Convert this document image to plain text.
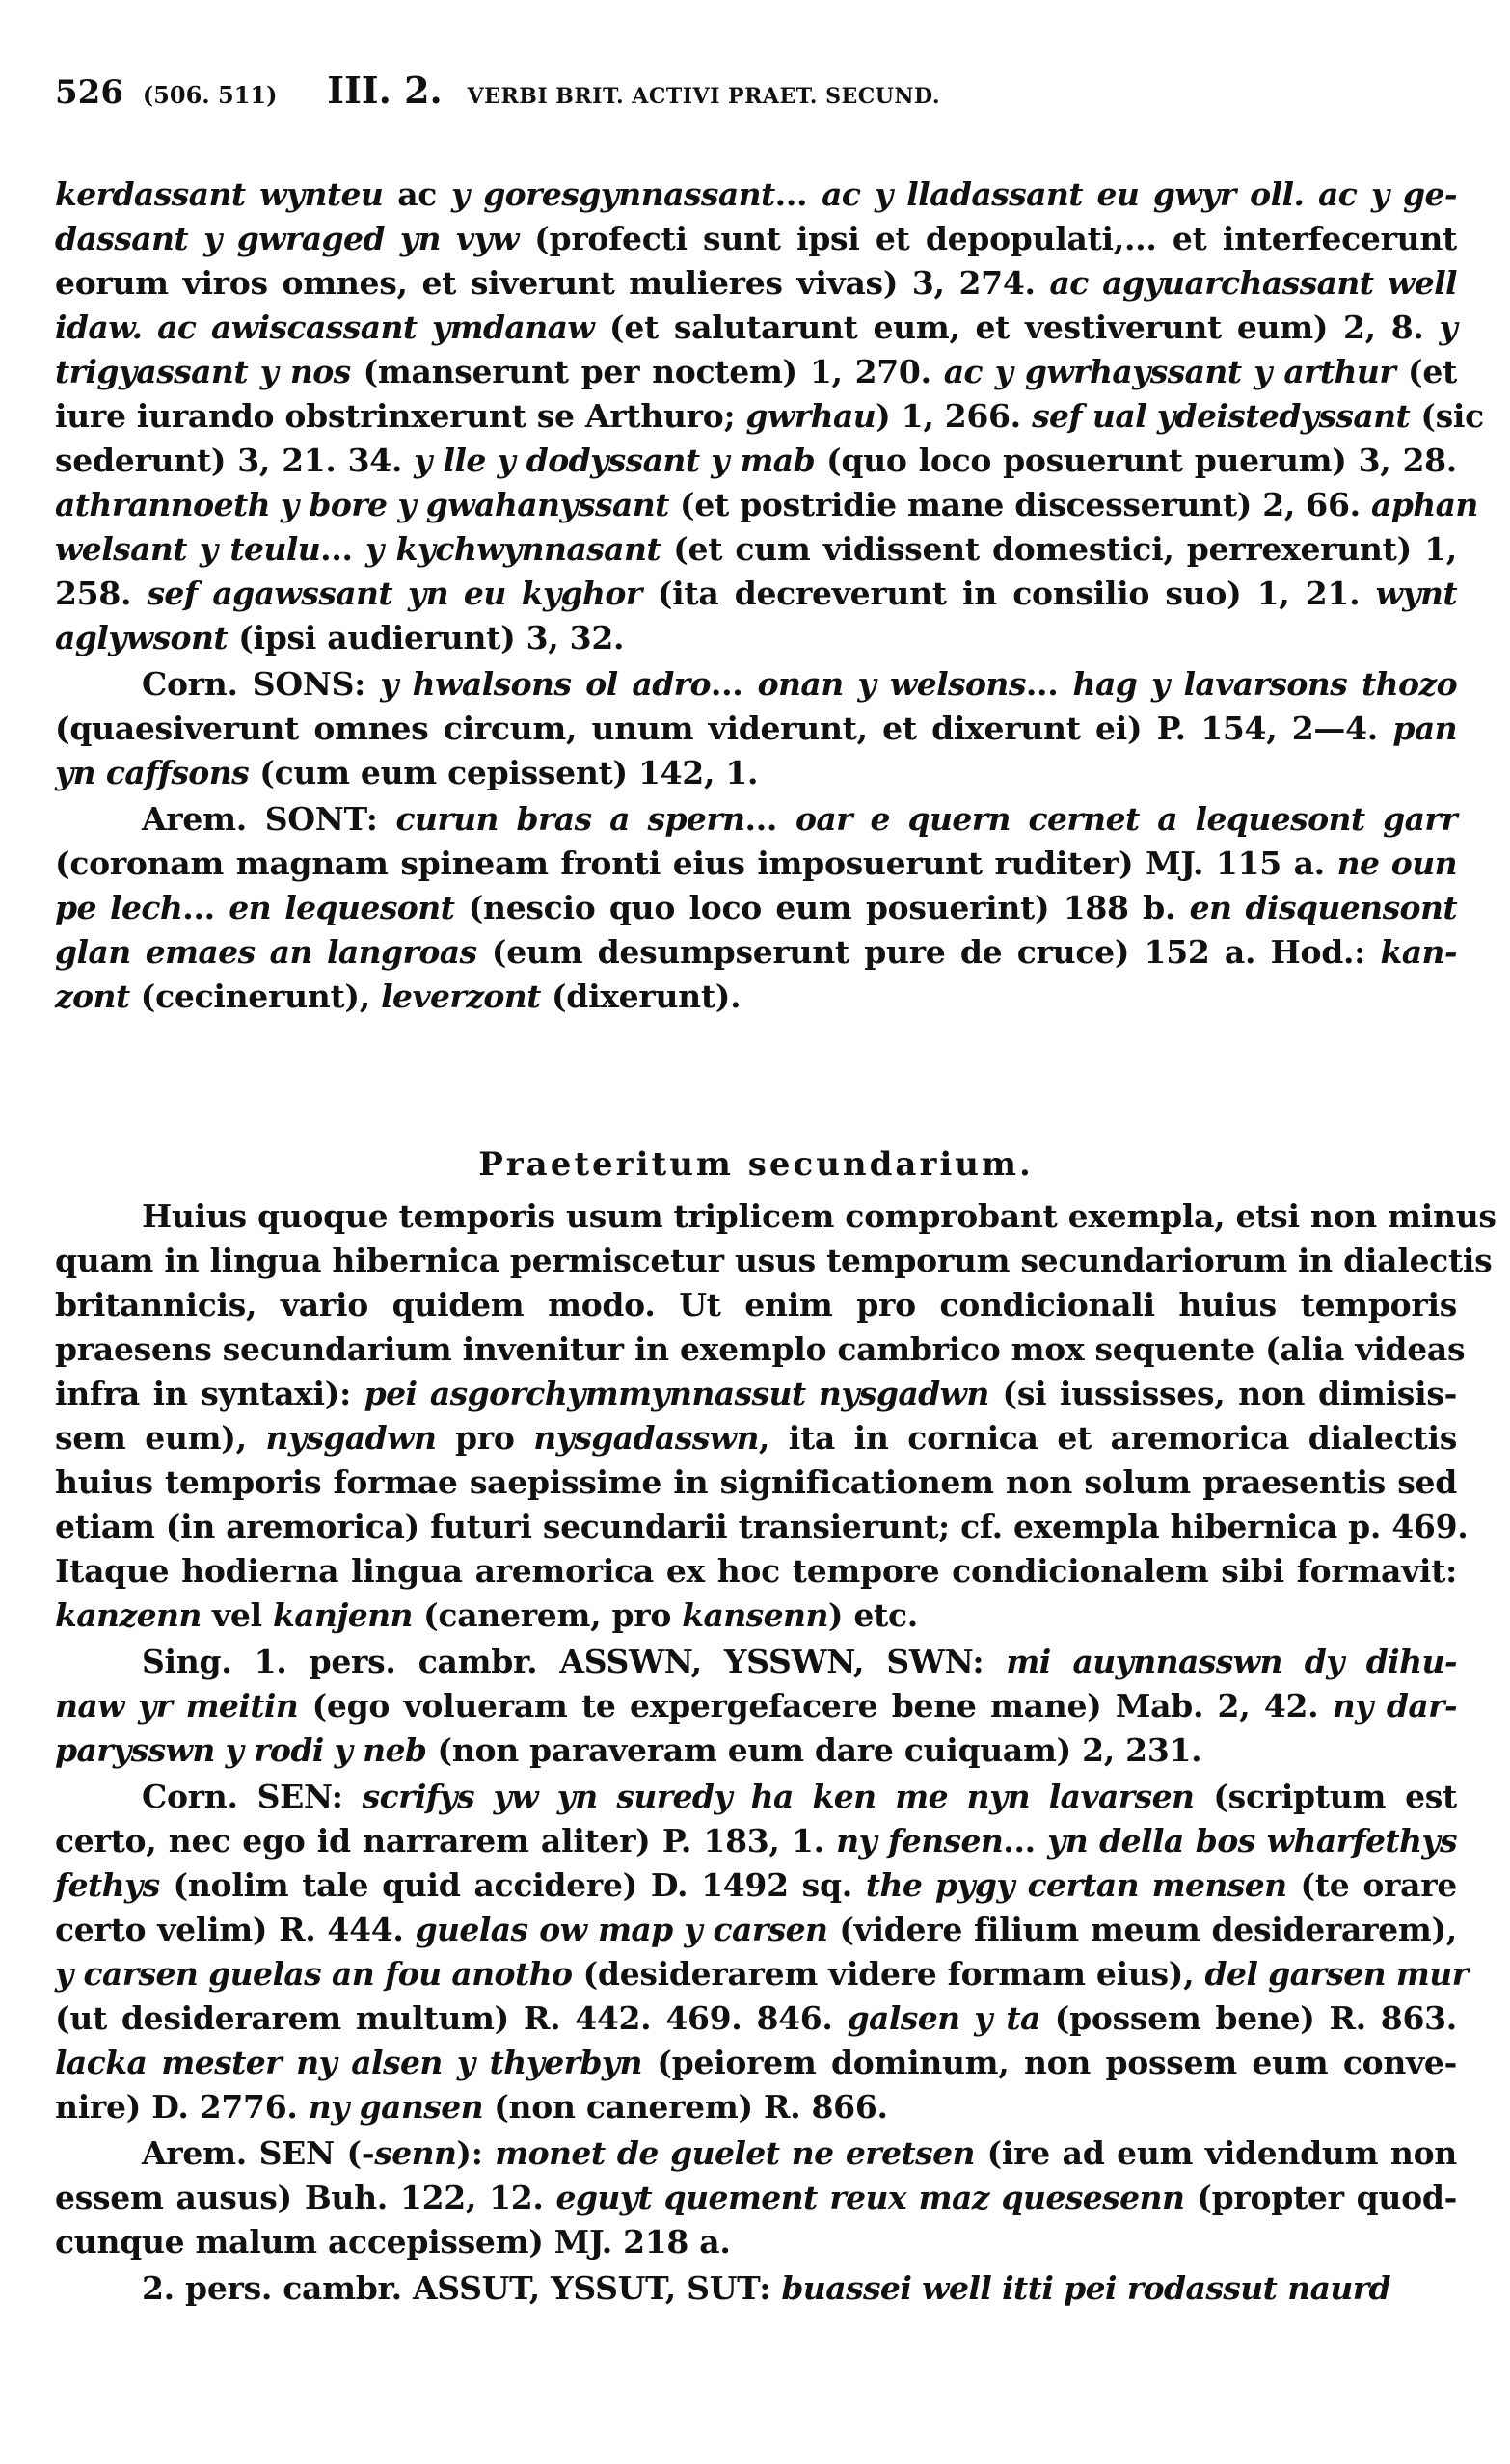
526 (506. 511) III. 2. VERBI BRIT. ACTIVI PRAET. SECUND.
Praeteritum secundarium.
kerdassant wynteu ac y goresgynnassant... ac y lladassant eu gwyr oll. ac y ge-
dassant y gwraged yn vyw (profecti sunt ipsi et depopulati,... et interfecerunt
eorum viros omnes, et siverunt mulieres vivas) 3, 274. ac agyuarchassant well
idaw. ac awiscassant ymdanaw (et salutarunt eum, et vestiverunt eum) 2, 8. y
trigyassant y nos (manserunt per noctem) 1, 270. ac y gwrhayssant y arthur (et
iure iurando obstrinxerunt se Arthuro; gwrhau) 1, 266. sef ual ydeistedyssant (sic
sederunt) 3, 21. 34. y lle y dodyssant y mab (quo loco posuerunt puerum) 3, 28.
athrannoeth y bore y gwahanyssant (et postridie mane discesserunt) 2, 66. aphan
welsant y teulu... y kychwynnasant (et cum vidissent domestici, perrexerunt) 1,
258. sef agawssant yn eu kyghor (ita decreverunt in consilio suo) 1, 21. wynt
aglywsont (ipsi audierunt) 3, 32.
Corn. SONS: y hwalsons ol adro... onan y welsons... hag y lavarsons thozo
(quaesiverunt omnes circum, unum viderunt, et dixerunt ei) P. 154, 2—4. pan
yn caffsons (cum eum cepissent) 142, 1.
Arem. SONT: curun bras a spern... oar e quern cernet a lequesont garr
(coronam magnam spineam fronti eius imposuerunt ruditer) MJ. 115 a. ne oun
pe lech... en lequesont (nescio quo loco eum posuerint) 188 b. en disquensont
glan emaes an langroas (eum desumpserunt pure de cruce) 152 a. Hod.: kan-
zont (cecinerunt), leverzont (dixerunt).
Huius quoque temporis usum triplicem comprobant exempla, etsi non minus
quam in lingua hibernica permiscetur usus temporum secundariorum in dialectis
britannicis, vario quidem modo. Ut enim pro condicionali huius temporis
praesens secundarium invenitur in exemplo cambrico mox sequente (alia videas
infra in syntaxi): pei asgorchymmynnassut nysgadwn (si iussisses, non dimisis-
sem eum), nysgadwn pro nysgadasswn, ita in cornica et aremorica dialectis
huius temporis formae saepissime in significationem non solum praesentis sed
etiam (in aremorica) futuri secundarii transierunt; cf. exempla hibernica p. 469.
Itaque hodierna lingua aremorica ex hoc tempore condicionalem sibi formavit:
kanzenn vel kanjenn (canerem, pro kansenn) etc.
Sing. 1. pers. cambr. ASSWN, YSSWN, SWN: mi auynnasswn dy dihu-
naw yr meitin (ego volueram te expergefacere bene mane) Mab. 2, 42. ny dar-
parysswn y rodi y neb (non paraveram eum dare cuiquam) 2, 231.
Corn. SEN: scrifys yw yn suredy ha ken me nyn lavarsen (scriptum est
certo, nec ego id narrarem aliter) P. 183, 1. ny fensen... yn della bos wharfethys
fethys (nolim tale quid accidere) D. 1492 sq. the pygy certan mensen (te orare
certo velim) R. 444. guelas ow map y carsen (videre filium meum desiderarem),
y carsen guelas an fou anotho (desiderarem videre formam eius), del garsen mur
(ut desiderarem multum) R. 442. 469. 846. galsen y ta (possem bene) R. 863.
lacka mester ny alsen y thyerbyn (peiorem dominum, non possem eum conve-
nire) D. 2776. ny gansen (non canerem) R. 866.
Arem. SEN (-senn): monet de guelet ne eretsen (ire ad eum videndum non
essem ausus) Buh. 122, 12. eguyt quement reux maz quesesenn (propter quod-
cunque malum accepissem) MJ. 218 a.
2. pers. cambr. ASSUT, YSSUT, SUT: buassei well itti pei rodassut naurd
